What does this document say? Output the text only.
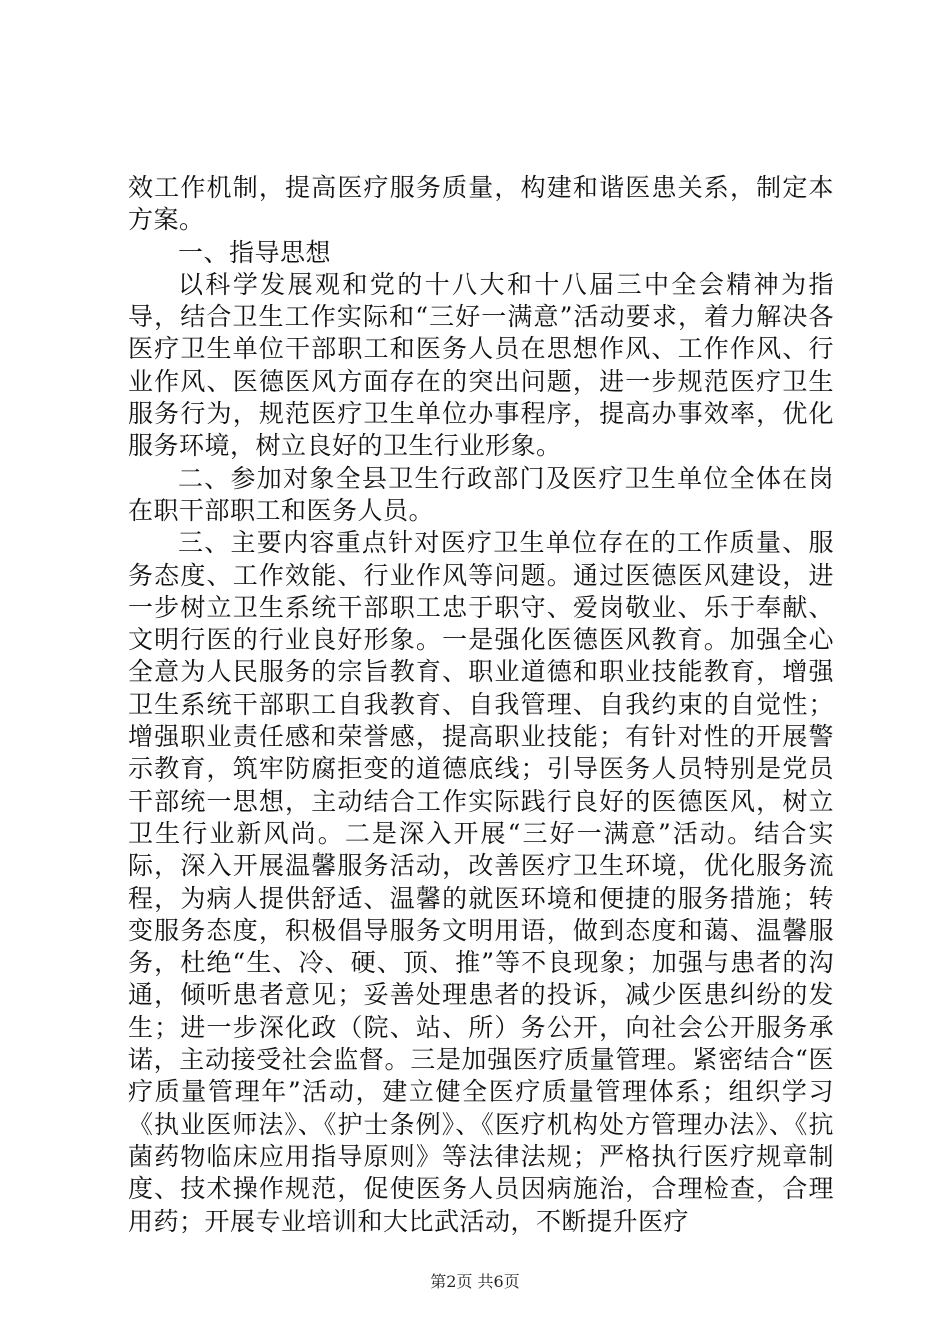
效工作机制，提高医疗服务质量，构建和谐医患关系，制定本方案。

一、指导思想

以科学发展观和党的十八大和十八届三中全会精神为指导，结合卫生工作实际和“三好一满意”活动要求，着力解决各医疗卫生单位干部职工和医务人员在思想作风、工作作风、行业作风、医德医风方面存在的突出问题，进一步规范医疗卫生服务行为，规范医疗卫生单位办事程序，提高办事效率，优化服务环境，树立良好的卫生行业形象。

二、参加对象全县卫生行政部门及医疗卫生单位全体在岗在职干部职工和医务人员。

三、主要内容重点针对医疗卫生单位存在的工作质量、服务态度、工作效能、行业作风等问题。通过医德医风建设，进一步树立卫生系统干部职工忠于职守、爱岗敬业、乐于奉献、文明行医的行业良好形象。一是强化医德医风教育。加强全心全意为人民服务的宗旨教育、职业道德和职业技能教育，增强卫生系统干部职工自我教育、自我管理、自我约束的自觉性；增强职业责任感和荣誉感，提高职业技能；有针对性的开展警示教育，筑牢防腐拒变的道德底线；引导医务人员特别是党员干部统一思想，主动结合工作实际践行良好的医德医风，树立卫生行业新风尚。二是深入开展“三好一满意”活动。结合实际，深入开展温馨服务活动，改善医疗卫生环境，优化服务流程，为病人提供舒适、温馨的就医环境和便捷的服务措施；转变服务态度，积极倡导服务文明用语，做到态度和蔼、温馨服务，杜绝“生、冷、硬、顶、推”等不良现象；加强与患者的沟通，倾听患者意见；妥善处理患者的投诉，减少医患纠纷的发生；进一步深化政（院、站、所）务公开，向社会公开服务承诺，主动接受社会监督。三是加强医疗质量管理。紧密结合“医疗质量管理年”活动，建立健全医疗质量管理体系；组织学习《执业医师法》、《护士条例》、《医疗机构处方管理办法》、《抗菌药物临床应用指导原则》等法律法规；严格执行医疗规章制度、技术操作规范，促使医务人员因病施治，合理检查，合理用药；开展专业培训和大比武活动，不断提升医疗

第2页 共6页
